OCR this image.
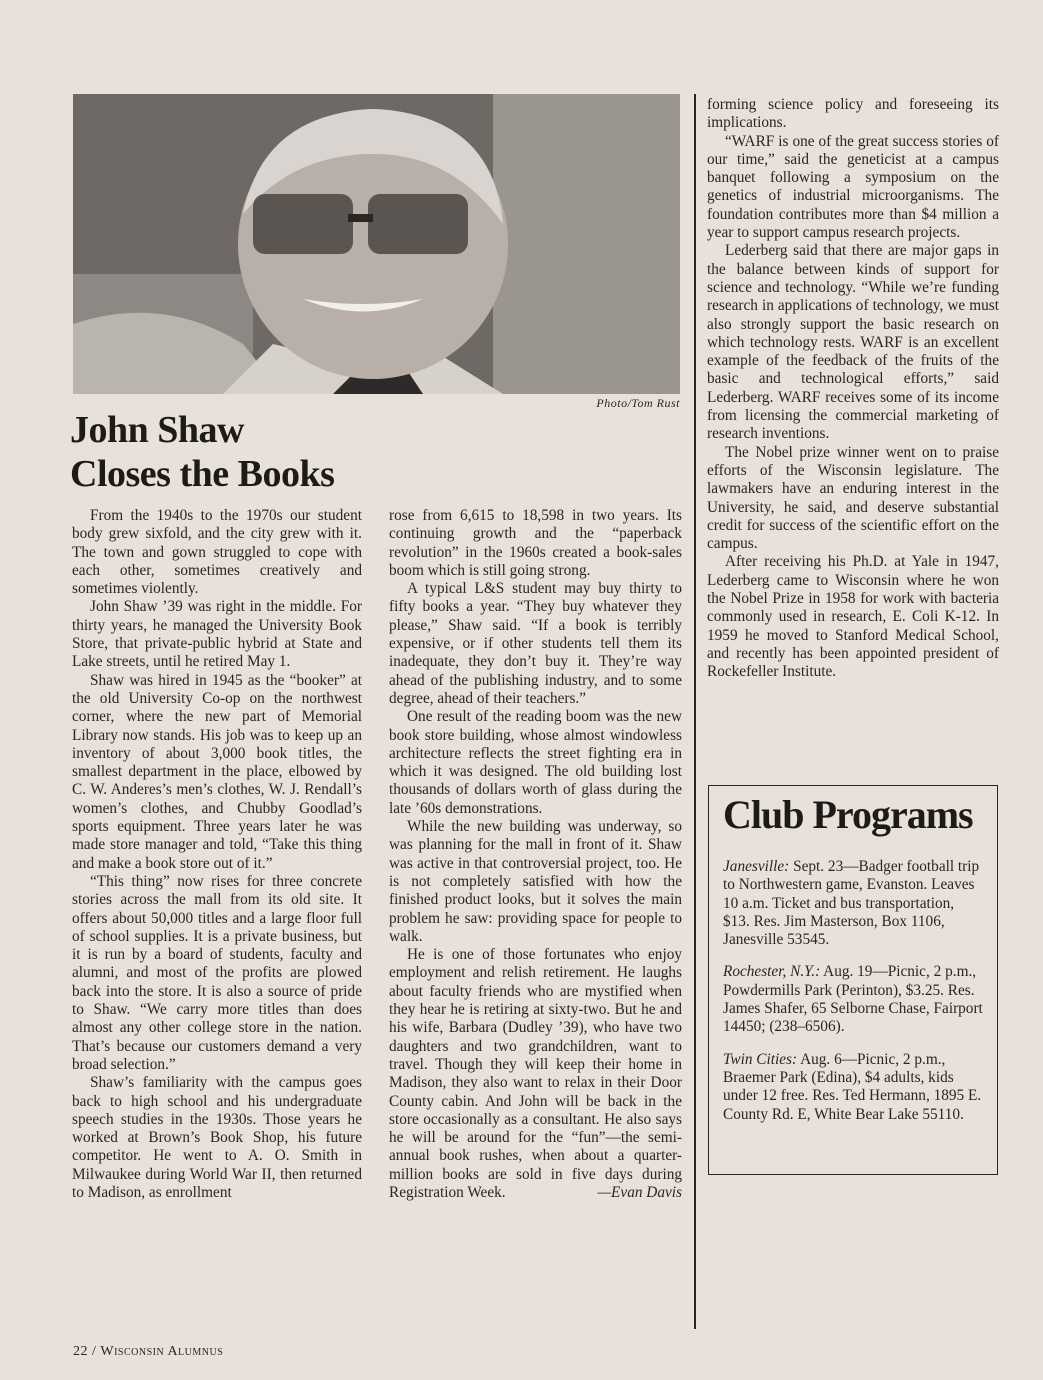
Photo/Tom Rust
John Shaw
Closes the Books

From the 1940s to the 1970s our student body grew sixfold, and the city grew with it. The town and gown struggled to cope with each other, sometimes creatively and sometimes violently.

John Shaw ’39 was right in the middle. For thirty years, he managed the University Book Store, that private-public hybrid at State and Lake streets, until he retired May 1.

Shaw was hired in 1945 as the “booker” at the old University Co-op on the northwest corner, where the new part of Memorial Library now stands. His job was to keep up an inventory of about 3,000 book titles, the smallest department in the place, elbowed by C. W. Anderes’s men’s clothes, W. J. Rendall’s women’s clothes, and Chubby Goodlad’s sports equipment. Three years later he was made store manager and told, “Take this thing and make a book store out of it.”

“This thing” now rises for three concrete stories across the mall from its old site. It offers about 50,000 titles and a large floor full of school supplies. It is a private business, but it is run by a board of students, faculty and alumni, and most of the profits are plowed back into the store. It is also a source of pride to Shaw. “We carry more titles than does almost any other college store in the nation. That’s because our customers demand a very broad selection.”

Shaw’s familiarity with the campus goes back to high school and his undergraduate speech studies in the 1930s. Those years he worked at Brown’s Book Shop, his future competitor. He went to A. O. Smith in Milwaukee during World War II, then returned to Madison, as enrollment

rose from 6,615 to 18,598 in two years. Its continuing growth and the “paperback revolution” in the 1960s created a book-sales boom which is still going strong.

A typical L&S student may buy thirty to fifty books a year. “They buy whatever they please,” Shaw said. “If a book is terribly expensive, or if other students tell them its inadequate, they don’t buy it. They’re way ahead of the publishing industry, and to some degree, ahead of their teachers.”

One result of the reading boom was the new book store building, whose almost windowless architecture reflects the street fighting era in which it was designed. The old building lost thousands of dollars worth of glass during the late ’60s demonstrations.

While the new building was underway, so was planning for the mall in front of it. Shaw was active in that controversial project, too. He is not completely satisfied with how the finished product looks, but it solves the main problem he saw: providing space for people to walk.

He is one of those fortunates who enjoy employment and relish retirement. He laughs about faculty friends who are mystified when they hear he is retiring at sixty-two. But he and his wife, Barbara (Dudley ’39), who have two daughters and two grandchildren, want to travel. Though they will keep their home in Madison, they also want to relax in their Door County cabin. And John will be back in the store occasionally as a consultant. He also says he will be around for the “fun”—the semi-annual book rushes, when about a quarter-million books are sold in five days during Registration Week.	—Evan Davis

forming science policy and foreseeing its implications.

“WARF is one of the great success stories of our time,” said the geneticist at a campus banquet following a symposium on the genetics of industrial microorganisms. The foundation contributes more than $4 million a year to support campus research projects.

Lederberg said that there are major gaps in the balance between kinds of support for science and technology. “While we’re funding research in applications of technology, we must also strongly support the basic research on which technology rests. WARF is an excellent example of the feedback of the fruits of the basic and technological efforts,” said Lederberg. WARF receives some of its income from licensing the commercial marketing of research inventions.

The Nobel prize winner went on to praise efforts of the Wisconsin legislature. The lawmakers have an enduring interest in the University, he said, and deserve substantial credit for success of the scientific effort on the campus.

After receiving his Ph.D. at Yale in 1947, Lederberg came to Wisconsin where he won the Nobel Prize in 1958 for work with bacteria commonly used in research, E. Coli K-12. In 1959 he moved to Stanford Medical School, and recently has been appointed president of Rockefeller Institute.

Club Programs

Janesville: Sept. 23—Badger football trip to Northwestern game, Evanston. Leaves 10 a.m. Ticket and bus transportation, $13. Res. Jim Masterson, Box 1106, Janesville 53545.

Rochester, N.Y.: Aug. 19—Picnic, 2 p.m., Powdermills Park (Perinton), $3.25. Res. James Shafer, 65 Selborne Chase, Fairport 14450; (238–6506).

Twin Cities: Aug. 6—Picnic, 2 p.m., Braemer Park (Edina), $4 adults, kids under 12 free. Res. Ted Hermann, 1895 E. County Rd. E, White Bear Lake 55110.

22 / Wisconsin Alumnus
